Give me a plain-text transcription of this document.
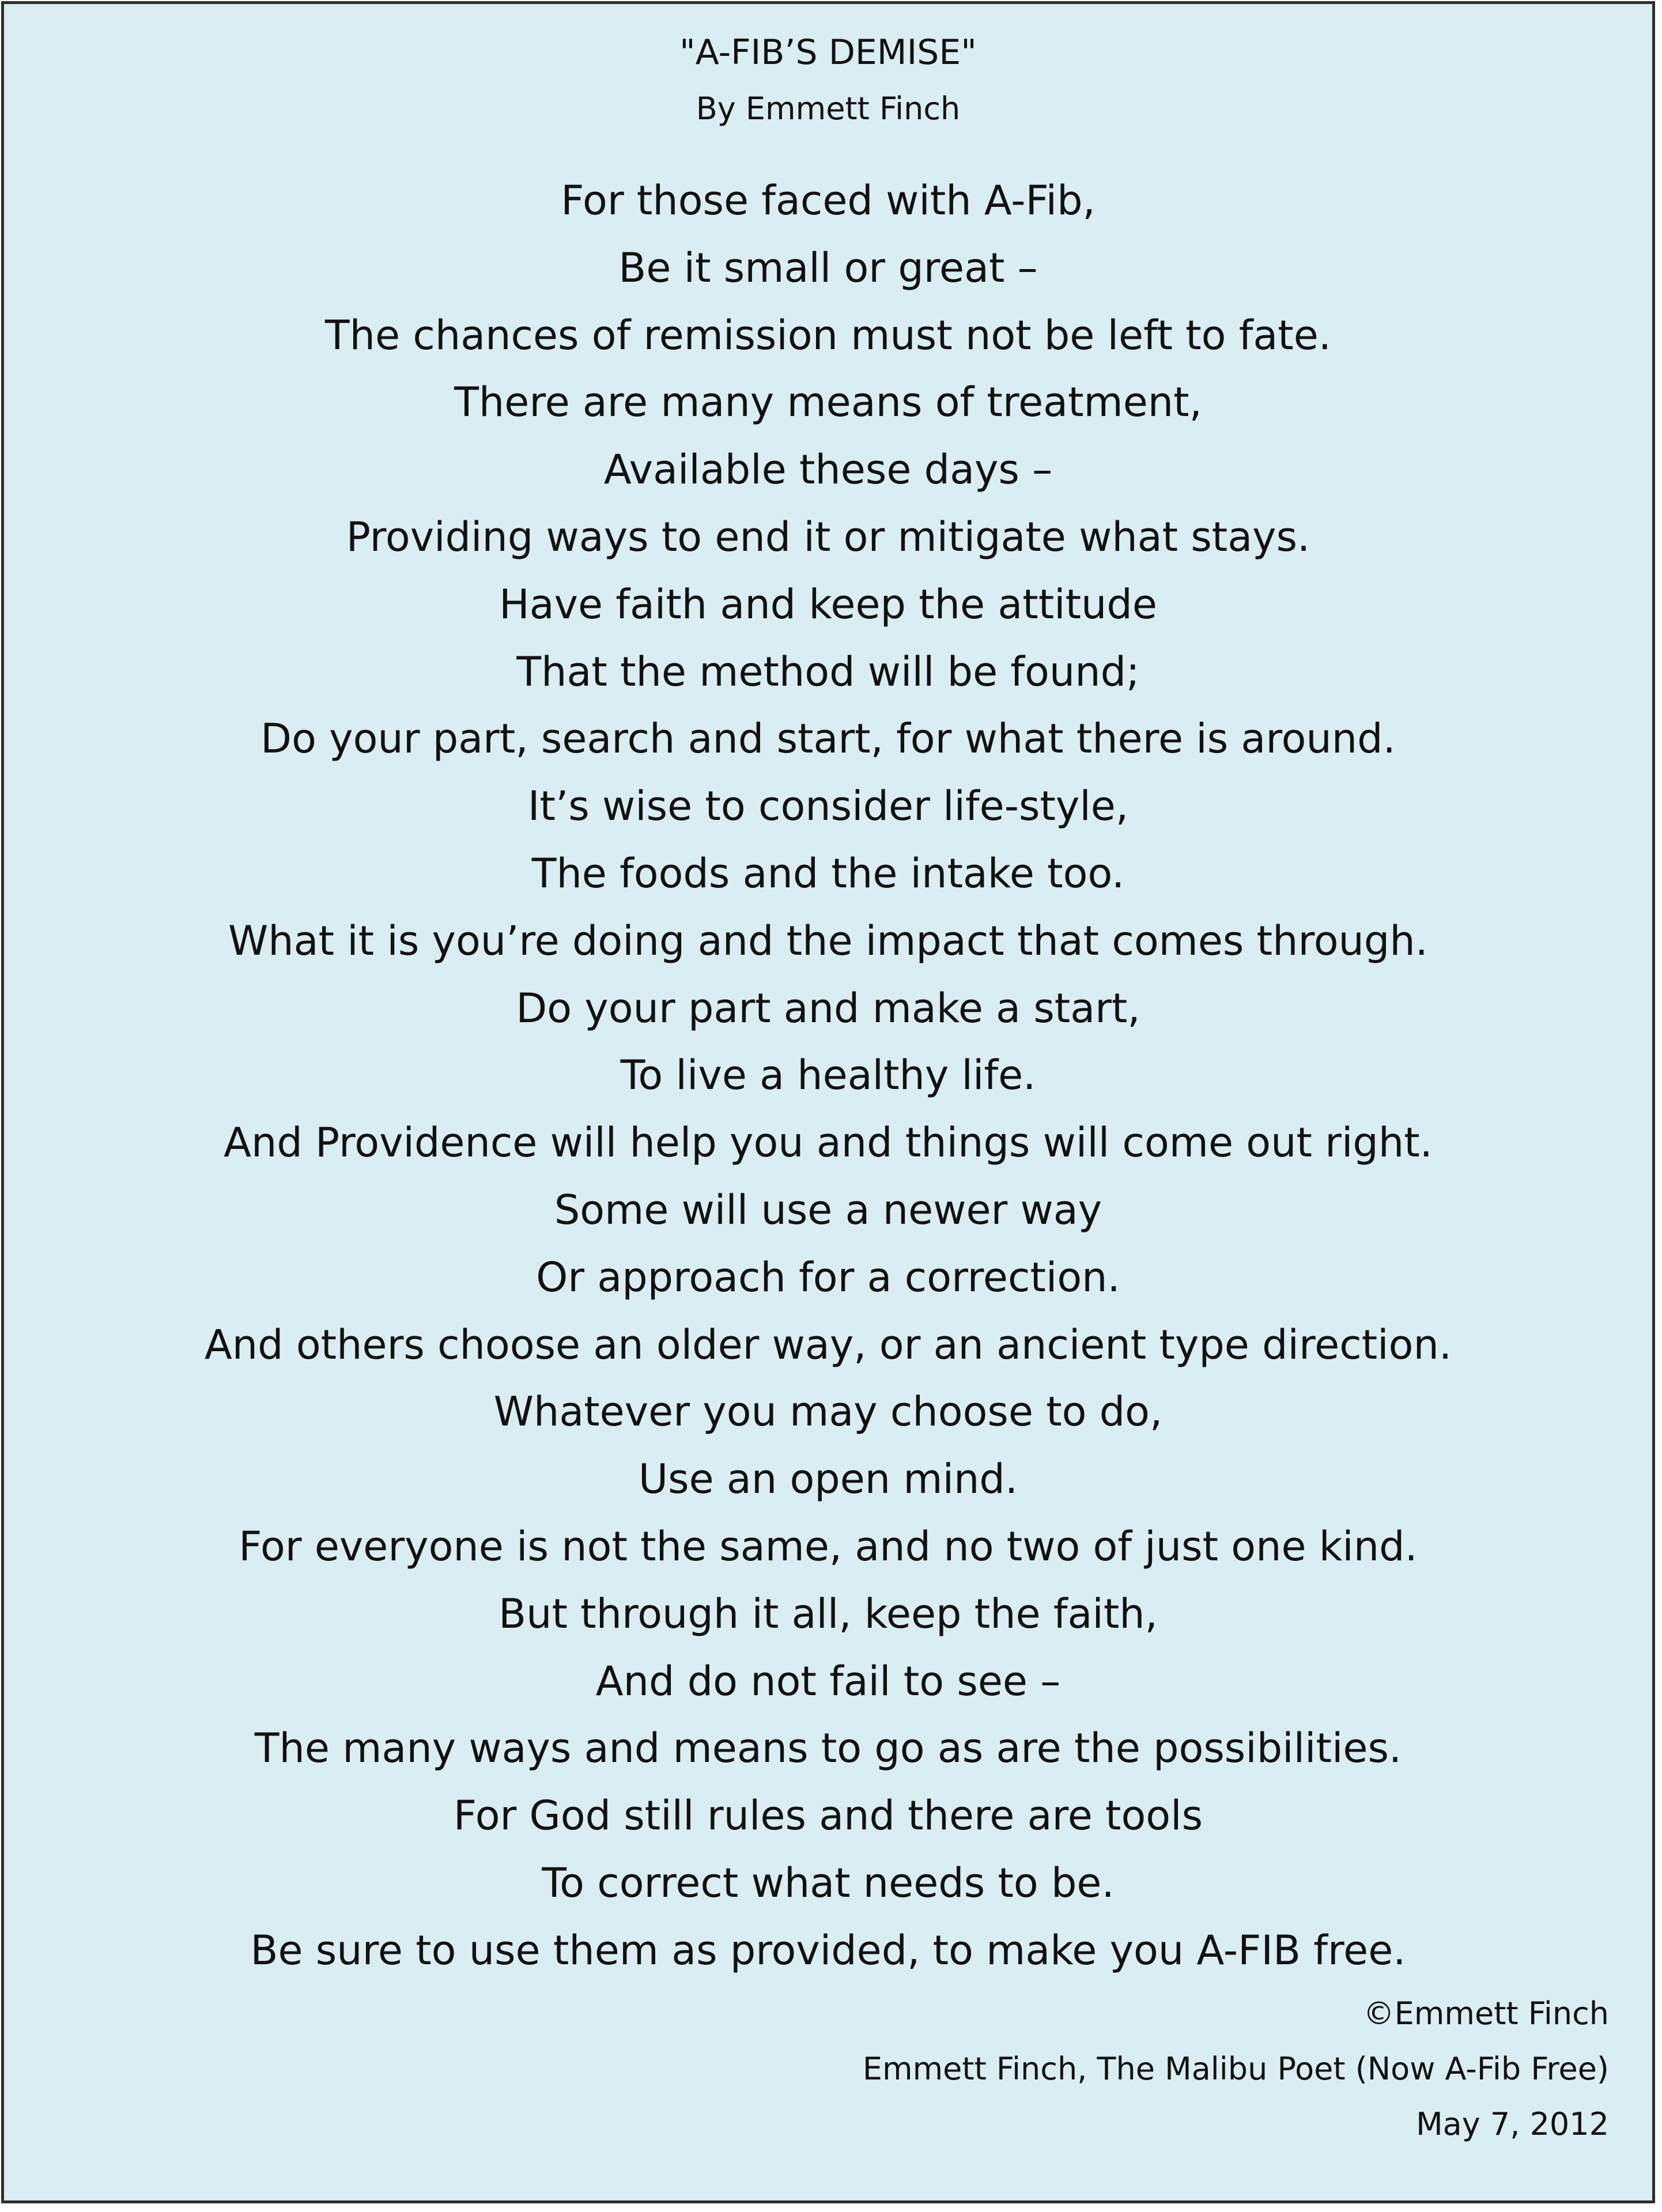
"A-FIB’S DEMISE"
By Emmett Finch
For those faced with A-Fib,
Be it small or great –
The chances of remission must not be left to fate.
There are many means of treatment,
Available these days –
Providing ways to end it or mitigate what stays.
Have faith and keep the attitude
That the method will be found;
Do your part, search and start, for what there is around.
It’s wise to consider life-style,
The foods and the intake too.
What it is you’re doing and the impact that comes through.
Do your part and make a start,
To live a healthy life.
And Providence will help you and things will come out right.
Some will use a newer way
Or approach for a correction.
And others choose an older way, or an ancient type direction.
Whatever you may choose to do,
Use an open mind.
For everyone is not the same, and no two of just one kind.
But through it all, keep the faith,
And do not fail to see –
The many ways and means to go as are the possibilities.
For God still rules and there are tools
To correct what needs to be.
Be sure to use them as provided, to make you A-FIB free.
©Emmett Finch
Emmett Finch, The Malibu Poet (Now A-Fib Free)
May 7, 2012
